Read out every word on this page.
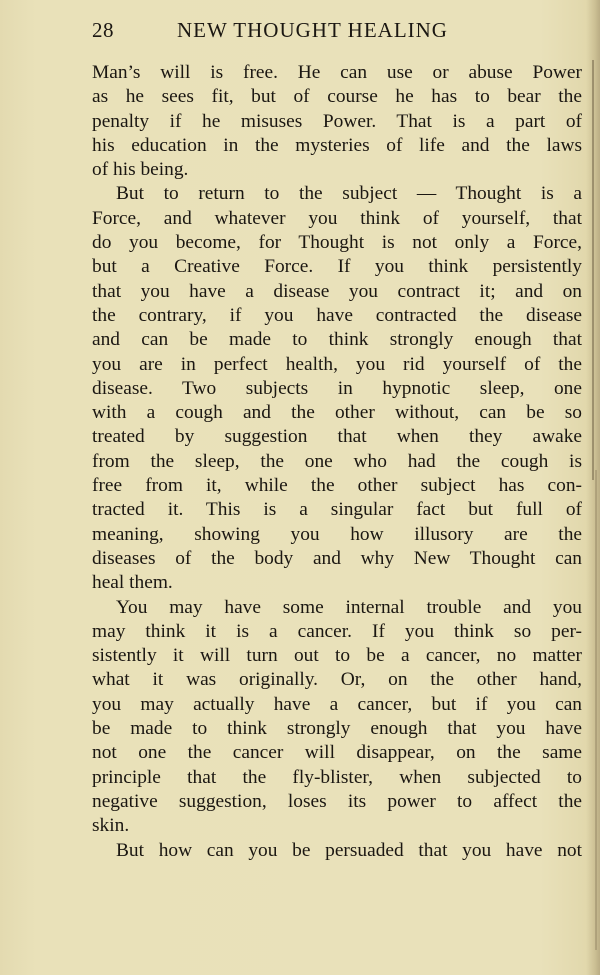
28	NEW THOUGHT HEALING
Man’s will is free. He can use or abuse Power
as he sees fit, but of course he has to bear the
penalty if he misuses Power. That is a part of
his education in the mysteries of life and the laws
of his being.
But to return to the subject — Thought is a
Force, and whatever you think of yourself, that
do you become, for Thought is not only a Force,
but a Creative Force. If you think persistently
that you have a disease you contract it; and on
the contrary, if you have contracted the disease
and can be made to think strongly enough that
you are in perfect health, you rid yourself of the
disease. Two subjects in hypnotic sleep, one
with a cough and the other without, can be so
treated by suggestion that when they awake
from the sleep, the one who had the cough is
free from it, while the other subject has con-
tracted it. This is a singular fact but full of
meaning, showing you how illusory are the
diseases of the body and why New Thought can
heal them.
You may have some internal trouble and you
may think it is a cancer. If you think so per-
sistently it will turn out to be a cancer, no matter
what it was originally. Or, on the other hand,
you may actually have a cancer, but if you can
be made to think strongly enough that you have
not one the cancer will disappear, on the same
principle that the fly-blister, when subjected to
negative suggestion, loses its power to affect the
skin.
But how can you be persuaded that you have not
